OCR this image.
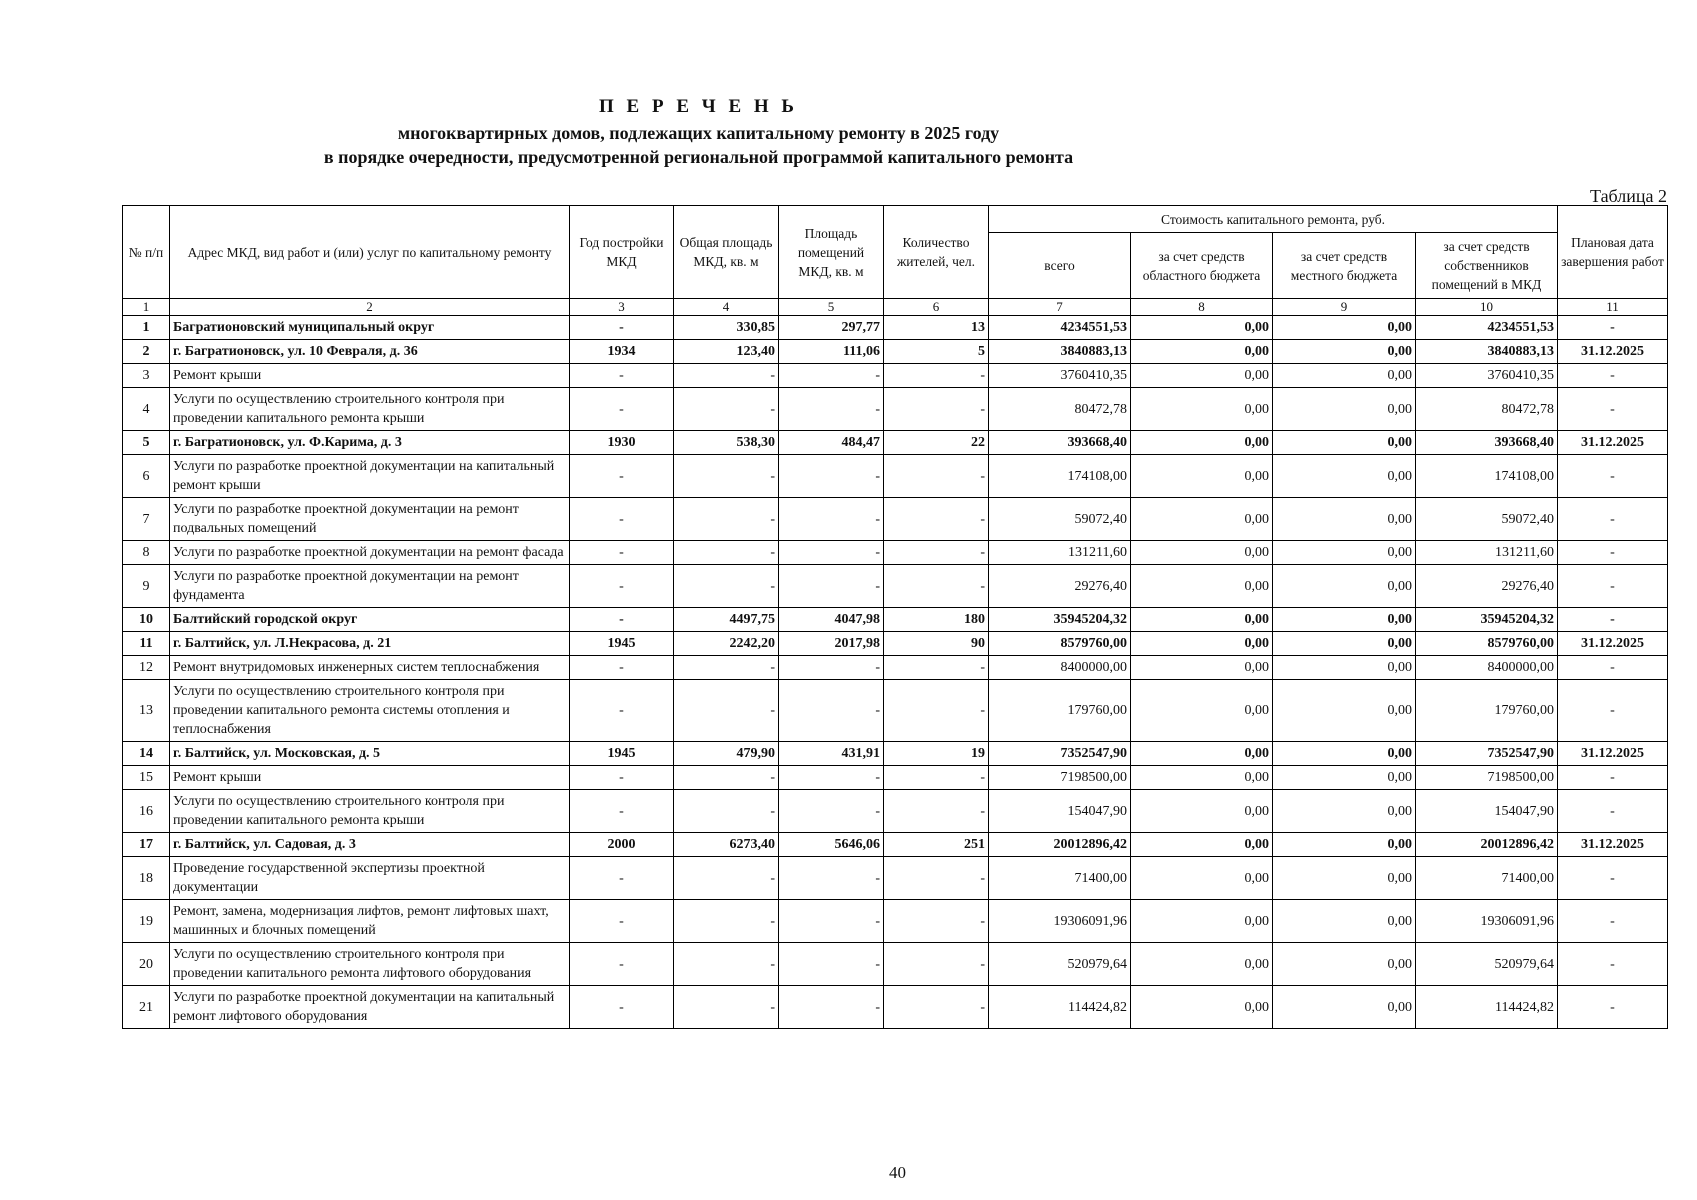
П Е Р Е Ч Е Н Ь
многоквартирных домов, подлежащих капитальному ремонту в 2025 году
в порядке очередности, предусмотренной региональной программой капитального ремонта
Таблица 2
№ п/п	Адрес МКД, вид работ и (или) услуг по капитальному ремонту	Год постройки МКД	Общая площадь МКД, кв. м	Площадь помещений МКД, кв. м	Количество жителей, чел.	Стоимость капитального ремонта, руб.				Плановая дата завершения работ
						всего	за счет средств областного бюджета	за счет средств местного бюджета	за счет средств собственников помещений в МКД	
1	2	3	4	5	6	7	8	9	10	11
1	Багратионовский муниципальный округ	-	330,85	297,77	13	4234551,53	0,00	0,00	4234551,53	-
2	г. Багратионовск, ул. 10 Февраля, д. 36	1934	123,40	111,06	5	3840883,13	0,00	0,00	3840883,13	31.12.2025
3	Ремонт крыши	-	-	-	-	3760410,35	0,00	0,00	3760410,35	-
4	Услуги по осуществлению строительного контроля при проведении капитального ремонта крыши	-	-	-	-	80472,78	0,00	0,00	80472,78	-
5	г. Багратионовск, ул. Ф.Карима, д. 3	1930	538,30	484,47	22	393668,40	0,00	0,00	393668,40	31.12.2025
6	Услуги по разработке проектной документации на капитальный ремонт крыши	-	-	-	-	174108,00	0,00	0,00	174108,00	-
7	Услуги по разработке проектной документации на ремонт подвальных помещений	-	-	-	-	59072,40	0,00	0,00	59072,40	-
8	Услуги по разработке проектной документации на ремонт фасада	-	-	-	-	131211,60	0,00	0,00	131211,60	-
9	Услуги по разработке проектной документации на ремонт фундамента	-	-	-	-	29276,40	0,00	0,00	29276,40	-
10	Балтийский городской округ	-	4497,75	4047,98	180	35945204,32	0,00	0,00	35945204,32	-
11	г. Балтийск, ул. Л.Некрасова, д. 21	1945	2242,20	2017,98	90	8579760,00	0,00	0,00	8579760,00	31.12.2025
12	Ремонт внутридомовых инженерных систем теплоснабжения	-	-	-	-	8400000,00	0,00	0,00	8400000,00	-
13	Услуги по осуществлению строительного контроля при проведении капитального ремонта системы отопления и теплоснабжения	-	-	-	-	179760,00	0,00	0,00	179760,00	-
14	г. Балтийск, ул. Московская, д. 5	1945	479,90	431,91	19	7352547,90	0,00	0,00	7352547,90	31.12.2025
15	Ремонт крыши	-	-	-	-	7198500,00	0,00	0,00	7198500,00	-
16	Услуги по осуществлению строительного контроля при проведении капитального ремонта крыши	-	-	-	-	154047,90	0,00	0,00	154047,90	-
17	г. Балтийск, ул. Садовая, д. 3	2000	6273,40	5646,06	251	20012896,42	0,00	0,00	20012896,42	31.12.2025
18	Проведение государственной экспертизы проектной документации	-	-	-	-	71400,00	0,00	0,00	71400,00	-
19	Ремонт, замена, модернизация лифтов, ремонт лифтовых шахт, машинных и блочных помещений	-	-	-	-	19306091,96	0,00	0,00	19306091,96	-
20	Услуги по осуществлению строительного контроля при проведении капитального ремонта лифтового оборудования	-	-	-	-	520979,64	0,00	0,00	520979,64	-
21	Услуги по разработке проектной документации на капитальный ремонт лифтового оборудования	-	-	-	-	114424,82	0,00	0,00	114424,82	-
40
